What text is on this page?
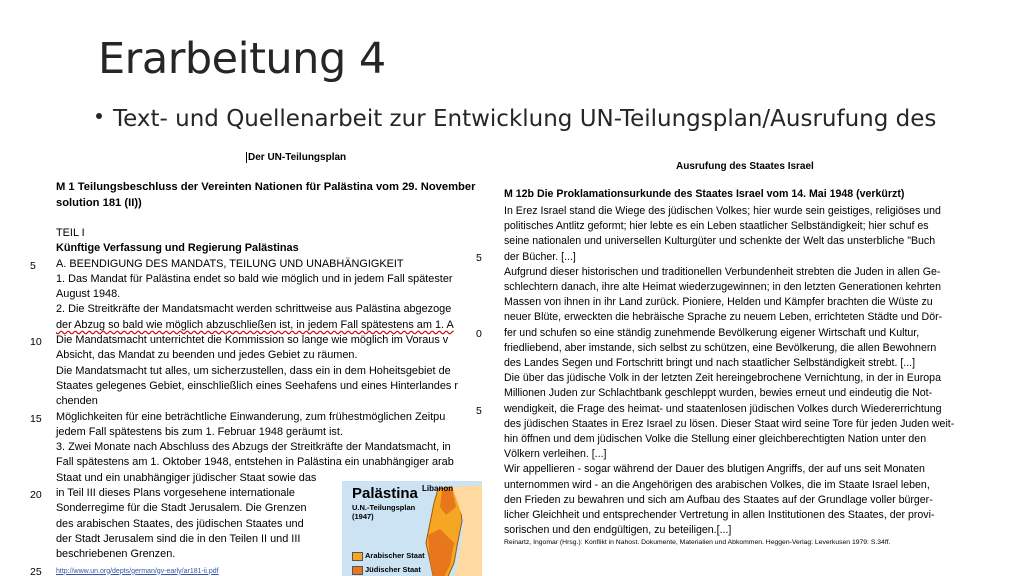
Erarbeitung 4
Text- und Quellenarbeit zur Entwicklung UN-Teilungsplan/Ausrufung des
Der UN-Teilungsplan
M 1 Teilungsbeschluss der Vereinten Nationen für Palästina vom 29. November
solution 181 (II))
5
10
15
20
25
5
0
5
TEIL I
Künftige Verfassung und Regierung Palästinas
A. BEENDIGUNG DES MANDATS, TEILUNG UND UNABHÄNGIGKEIT
1. Das Mandat für Palästina endet so bald wie möglich und in jedem Fall spätester
August 1948.
2. Die Streitkräfte der Mandatsmacht werden schrittweise aus Palästina abgezoge
der Abzug so bald wie möglich abzuschließen ist, in jedem Fall spätestens am 1. A
Die Mandatsmacht unterrichtet die Kommission so lange wie möglich im Voraus v
Absicht, das Mandat zu beenden und jedes Gebiet zu räumen.
Die Mandatsmacht tut alles, um sicherzustellen, dass ein in dem Hoheitsgebiet de
Staates gelegenes Gebiet, einschließlich eines Seehafens und eines Hinterlandes r
chenden
Möglichkeiten für eine beträchtliche Einwanderung, zum frühestmöglichen Zeitpu
jedem Fall spätestens bis zum 1. Februar 1948 geräumt ist.
3. Zwei Monate nach Abschluss des Abzugs der Streitkräfte der Mandatsmacht, in
Fall spätestens am 1. Oktober 1948, entstehen in Palästina ein unabhängiger arab
Staat und ein unabhängiger jüdischer Staat sowie das
in Teil III dieses Plans vorgesehene internationale
Sonderregime für die Stadt Jerusalem. Die Grenzen
des arabischen Staates, des jüdischen Staates und
der Stadt Jerusalem sind die in den Teilen II und III
beschriebenen Grenzen.
http://www.un.org/depts/german/gv-early/ar181-ii.pdf
Libanon
Palästina
U.N.-Teilungsplan
(1947)
Arabischer Staat
Jüdischer Staat
Ausrufung des Staates Israel
M 12b Die Proklamationsurkunde des Staates Israel vom 14. Mai 1948 (verkürzt)
In Erez Israel stand die Wiege des jüdischen Volkes; hier wurde sein geistiges, religiöses und
politisches Antlitz geformt; hier lebte es ein Leben staatlicher Selbständigkeit; hier schuf es
seine nationalen und universellen Kulturgüter und schenkte der Welt das unsterbliche "Buch
der Bücher. [...]
Aufgrund dieser historischen und traditionellen Verbundenheit strebten die Juden in allen Ge-
schlechtern danach, ihre alte Heimat wiederzugewinnen; in den letzten Generationen kehrten
Massen von ihnen in ihr Land zurück. Pioniere, Helden und Kämpfer brachten die Wüste zu
neuer Blüte, erweckten die hebräische Sprache zu neuem Leben, errichteten Städte und Dör-
fer und schufen so eine ständig zunehmende Bevölkerung eigener Wirtschaft und Kultur,
friedliebend, aber imstande, sich selbst zu schützen, eine Bevölkerung, die allen Bewohnern
des Landes Segen und Fortschritt bringt und nach staatlicher Selbständigkeit strebt. [...]
Die über das jüdische Volk in der letzten Zeit hereingebrochene Vernichtung, in der in Europa
Millionen Juden zur Schlachtbank geschleppt wurden, bewies erneut und eindeutig die Not-
wendigkeit, die Frage des heimat- und staatenlosen jüdischen Volkes durch Wiedererrichtung
des jüdischen Staates in Erez Israel zu lösen. Dieser Staat wird seine Tore für jeden Juden weit-
hin öffnen und dem jüdischen Volke die Stellung einer gleichberechtigten Nation unter den
Völkern verleihen. [...]
Wir appellieren - sogar während der Dauer des blutigen Angriffs, der auf uns seit Monaten
unternommen wird - an die Angehörigen des arabischen Volkes, die im Staate Israel leben,
den Frieden zu bewahren und sich am Aufbau des Staates auf der Grundlage voller bürger-
licher Gleichheit und entsprechender Vertretung in allen Institutionen des Staates, der provi-
sorischen und den endgültigen, zu beteiligen.[...]
Reinartz, Ingomar (Hrsg.): Konflikt in Nahost. Dokumente, Materialien und Abkommen. Heggen-Verlag: Leverkusen 1979: S.34ff.
